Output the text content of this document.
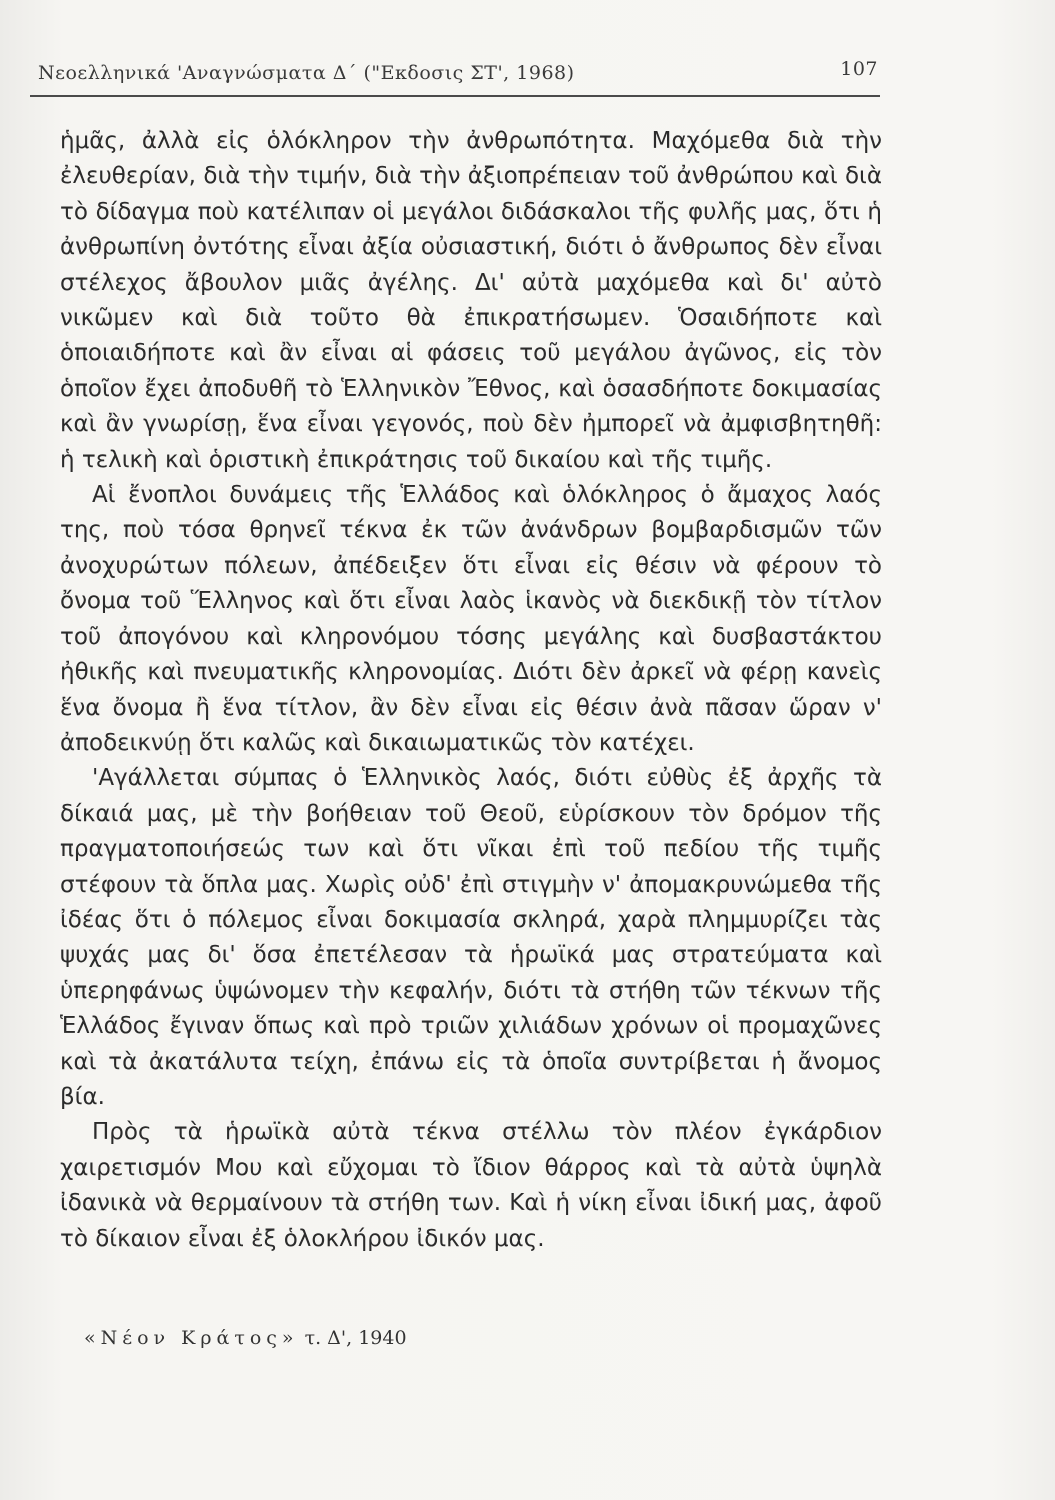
Νεοελληνικά 'Αναγνώσματα Δ΄ ("Εκδοσις ΣΤ', 1968)	107

ἡμᾶς, ἀλλὰ εἰς ὁλόκληρον τὴν ἀνθρωπότητα. Μαχόμεθα διὰ τὴν ἐλευθερίαν, διὰ τὴν τιμήν, διὰ τὴν ἀξιοπρέπειαν τοῦ ἀνθρώπου καὶ διὰ τὸ δίδαγμα ποὺ κατέλιπαν οἱ μεγάλοι διδάσκαλοι τῆς φυλῆς μας, ὅτι ἡ ἀνθρωπίνη ὀντότης εἶναι ἀξία οὐσιαστική, διότι ὁ ἄνθρωπος δὲν εἶναι στέλεχος ἄβουλον μιᾶς ἀγέλης. Δι' αὐτὰ μαχόμεθα καὶ δι' αὐτὸ νικῶμεν καὶ διὰ τοῦτο θὰ ἐπικρατήσωμεν. Ὁσαιδήποτε καὶ ὁποιαιδήποτε καὶ ἂν εἶναι αἱ φάσεις τοῦ μεγάλου ἀγῶνος, εἰς τὸν ὁποῖον ἔχει ἀποδυθῆ τὸ Ἑλληνικὸν Ἔθνος, καὶ ὁσασδήποτε δοκιμασίας καὶ ἂν γνωρίσῃ, ἕνα εἶναι γεγονός, ποὺ δὲν ἠμπορεῖ νὰ ἀμφισβητηθῆ: ἡ τελικὴ καὶ ὁριστικὴ ἐπικράτησις τοῦ δικαίου καὶ τῆς τιμῆς.

Αἱ ἔνοπλοι δυνάμεις τῆς Ἑλλάδος καὶ ὁλόκληρος ὁ ἄμαχος λαός της, ποὺ τόσα θρηνεῖ τέκνα ἐκ τῶν ἀνάνδρων βομβαρδισμῶν τῶν ἀνοχυρώτων πόλεων, ἀπέδειξεν ὅτι εἶναι εἰς θέσιν νὰ φέρουν τὸ ὄνομα τοῦ Ἕλληνος καὶ ὅτι εἶναι λαὸς ἱκανὸς νὰ διεκδικῇ τὸν τίτλον τοῦ ἀπογόνου καὶ κληρονόμου τόσης μεγάλης καὶ δυσβαστάκτου ἠθικῆς καὶ πνευματικῆς κληρονομίας. Διότι δὲν ἀρκεῖ νὰ φέρῃ κανεὶς ἕνα ὄνομα ἢ ἕνα τίτλον, ἂν δὲν εἶναι εἰς θέσιν ἀνὰ πᾶσαν ὥραν ν' ἀποδεικνύῃ ὅτι καλῶς καὶ δικαιωματικῶς τὸν κατέχει.

'Αγάλλεται σύμπας ὁ Ἑλληνικὸς λαός, διότι εὐθὺς ἐξ ἀρχῆς τὰ δίκαιά μας, μὲ τὴν βοήθειαν τοῦ Θεοῦ, εὑρίσκουν τὸν δρόμον τῆς πραγματοποιήσεώς των καὶ ὅτι νῖκαι ἐπὶ τοῦ πεδίου τῆς τιμῆς στέφουν τὰ ὅπλα μας. Χωρὶς οὐδ' ἐπὶ στιγμὴν ν' ἀπομακρυνώμεθα τῆς ἰδέας ὅτι ὁ πόλεμος εἶναι δοκιμασία σκληρά, χαρὰ πλημμυρίζει τὰς ψυχάς μας δι' ὅσα ἐπετέλεσαν τὰ ἡρωϊκά μας στρατεύματα καὶ ὑπερηφάνως ὑψώνομεν τὴν κεφαλήν, διότι τὰ στήθη τῶν τέκνων τῆς Ἑλλάδος ἔγιναν ὅπως καὶ πρὸ τριῶν χιλιάδων χρόνων οἱ προμαχῶνες καὶ τὰ ἀκατάλυτα τείχη, ἐπάνω εἰς τὰ ὁποῖα συντρίβεται ἡ ἄνομος βία.

Πρὸς τὰ ἡρωϊκὰ αὐτὰ τέκνα στέλλω τὸν πλέον ἐγκάρδιον χαιρετισμόν Μου καὶ εὔχομαι τὸ ἴδιον θάρρος καὶ τὰ αὐτὰ ὑψηλὰ ἰδανικὰ νὰ θερμαίνουν τὰ στήθη των. Καὶ ἡ νίκη εἶναι ἰδική μας, ἀφοῦ τὸ δίκαιον εἶναι ἐξ ὁλοκλήρου ἰδικόν μας.

«Νέον Κράτος» τ. Δ', 1940
